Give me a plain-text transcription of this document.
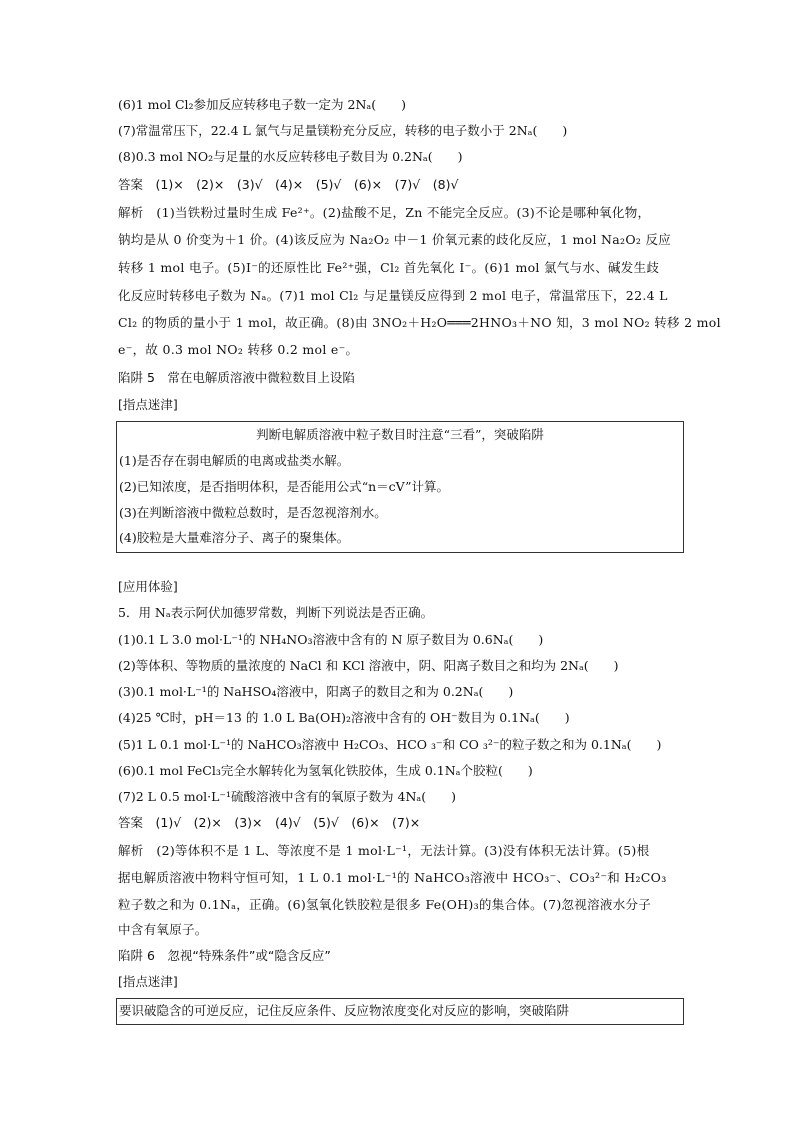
(6)1 mol Cl₂参加反应转移电子数一定为 2Nₐ(　　)
(7)常温常压下，22.4 L 氯气与足量镁粉充分反应，转移的电子数小于 2Nₐ(　　)
(8)0.3 mol NO₂与足量的水反应转移电子数目为 0.2Nₐ(　　)
答案　(1)×　(2)×　(3)√　(4)×　(5)√　(6)×　(7)√　(8)√
解析　(1)当铁粉过量时生成 Fe²⁺。(2)盐酸不足，Zn 不能完全反应。(3)不论是哪种氧化物，
钠均是从 0 价变为＋1 价。(4)该反应为 Na₂O₂ 中－1 价氧元素的歧化反应，1 mol Na₂O₂ 反应
转移 1 mol 电子。(5)I⁻的还原性比 Fe²⁺强，Cl₂ 首先氧化 I⁻。(6)1 mol 氯气与水、碱发生歧
化反应时转移电子数为 Nₐ。(7)1 mol Cl₂ 与足量镁反应得到 2 mol 电子，常温常压下，22.4 L
Cl₂ 的物质的量小于 1 mol，故正确。(8)由 3NO₂＋H₂O═══2HNO₃＋NO 知，3 mol NO₂ 转移 2 mol
e⁻，故 0.3 mol NO₂ 转移 0.2 mol e⁻。
陷阱 5　常在电解质溶液中微粒数目上设陷
[指点迷津]
判断电解质溶液中粒子数目时注意“三看”，突破陷阱
(1)是否存在弱电解质的电离或盐类水解。
(2)已知浓度，是否指明体积，是否能用公式“n＝cV”计算。
(3)在判断溶液中微粒总数时，是否忽视溶剂水。
(4)胶粒是大量难溶分子、离子的聚集体。
[应用体验]
5．用 Nₐ表示阿伏加德罗常数，判断下列说法是否正确。
(1)0.1 L 3.0 mol·L⁻¹的 NH₄NO₃溶液中含有的 N 原子数目为 0.6Nₐ(　　)
(2)等体积、等物质的量浓度的 NaCl 和 KCl 溶液中，阴、阳离子数目之和均为 2Nₐ(　　)
(3)0.1 mol·L⁻¹的 NaHSO₄溶液中，阳离子的数目之和为 0.2Nₐ(　　)
(4)25 ℃时，pH＝13 的 1.0 L Ba(OH)₂溶液中含有的 OH⁻数目为 0.1Nₐ(　　)
(5)1 L 0.1 mol·L⁻¹的 NaHCO₃溶液中 H₂CO₃、HCO ₃⁻和 CO ₃²⁻的粒子数之和为 0.1Nₐ(　　)
(6)0.1 mol FeCl₃完全水解转化为氢氧化铁胶体，生成 0.1Nₐ个胶粒(　　)
(7)2 L 0.5 mol·L⁻¹硫酸溶液中含有的氧原子数为 4Nₐ(　　)
答案　(1)√　(2)×　(3)×　(4)√　(5)√　(6)×　(7)×
解析　(2)等体积不是 1 L、等浓度不是 1 mol·L⁻¹，无法计算。(3)没有体积无法计算。(5)根
据电解质溶液中物料守恒可知，1 L 0.1 mol·L⁻¹的 NaHCO₃溶液中 HCO₃⁻、CO₃²⁻和 H₂CO₃
粒子数之和为 0.1Nₐ，正确。(6)氢氧化铁胶粒是很多 Fe(OH)₃的集合体。(7)忽视溶液水分子
中含有氧原子。
陷阱 6　忽视“特殊条件”或“隐含反应”
[指点迷津]
要识破隐含的可逆反应，记住反应条件、反应物浓度变化对反应的影响，突破陷阱
